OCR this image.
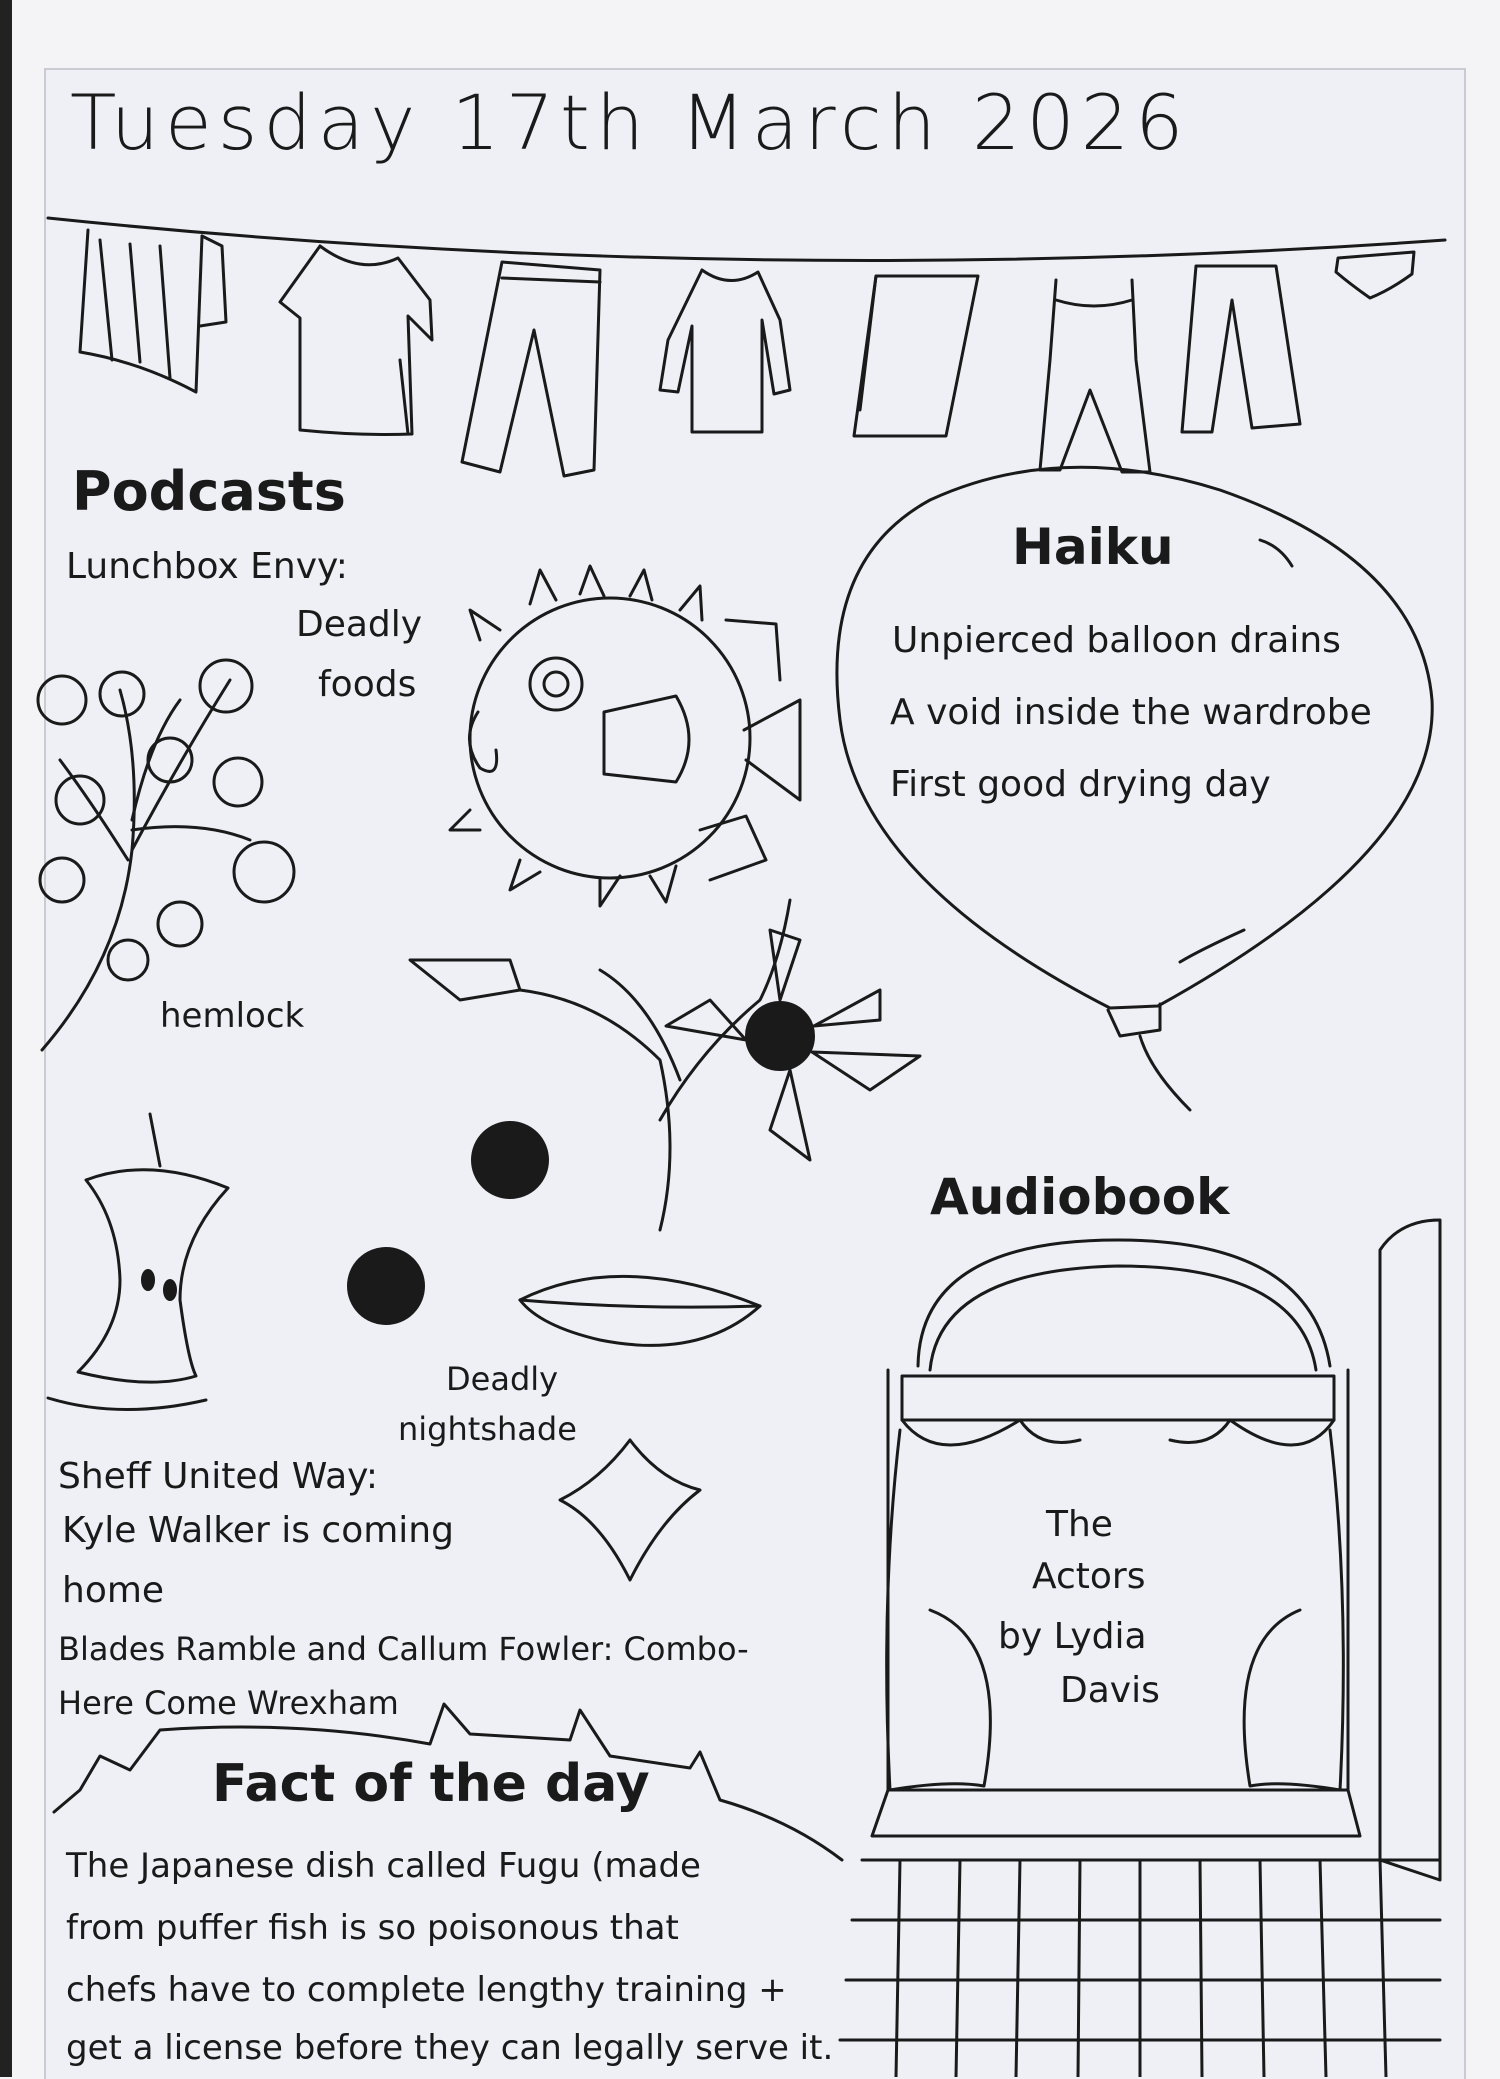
Tuesday 17th March 2026
Podcasts
Lunchbox Envy:
Deadly
foods
hemlock
Haiku
Unpierced balloon drains
A void inside the wardrobe
First good drying day
Audiobook
The
Actors
by Lydia
Davis
Deadly
nightshade
Sheff United Way:
Kyle Walker is coming
home
Blades Ramble and Callum Fowler: Combo-
Here Come Wrexham
Fact of the day
The Japanese dish called Fugu (made
from puffer fish is so poisonous that
chefs have to complete lengthy training +
get a license before they can legally serve it.
